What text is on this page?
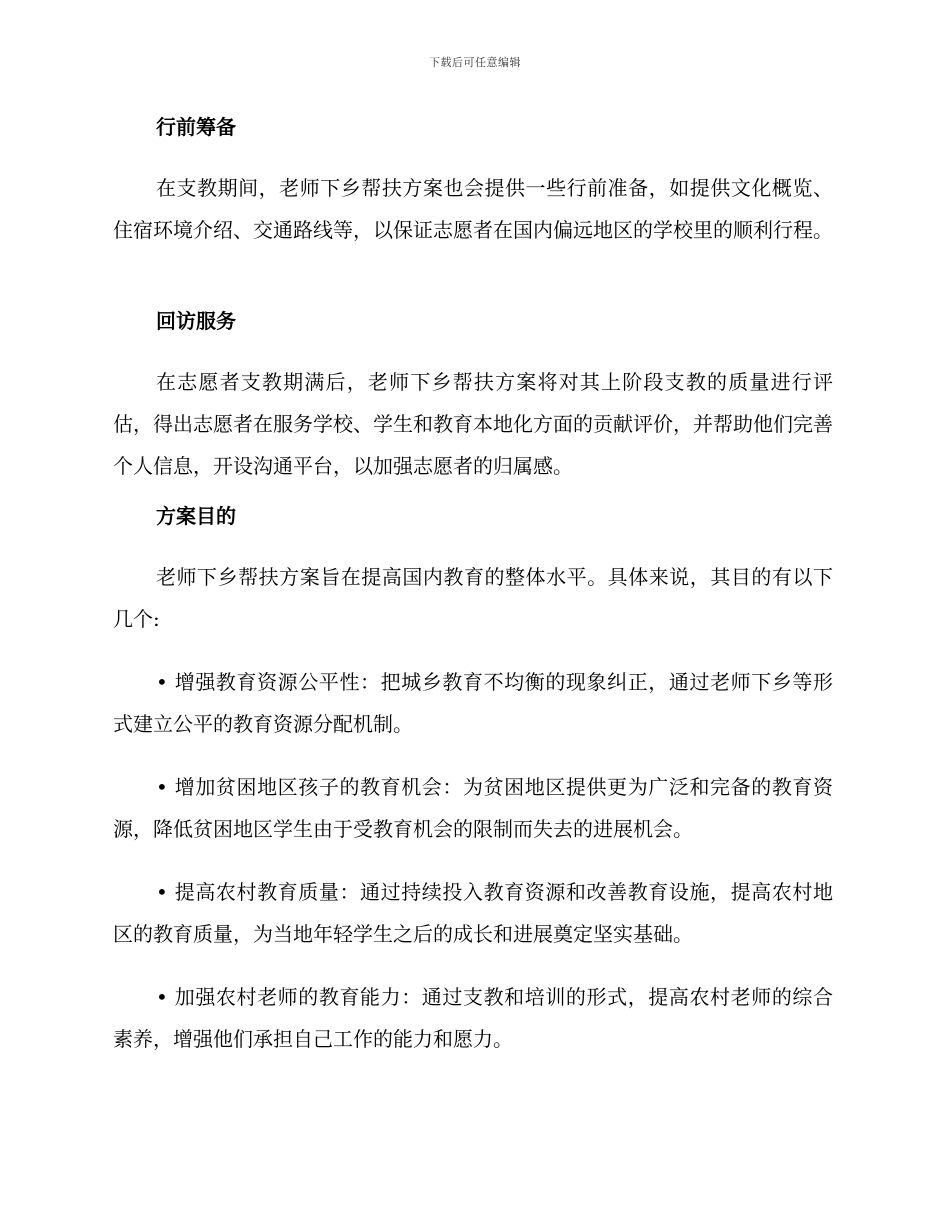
下载后可任意编辑

行前筹备

在支教期间，老师下乡帮扶方案也会提供一些行前准备，如提供文化概览、住宿环境介绍、交通路线等，以保证志愿者在国内偏远地区的学校里的顺利行程。

回访服务

在志愿者支教期满后，老师下乡帮扶方案将对其上阶段支教的质量进行评估，得出志愿者在服务学校、学生和教育本地化方面的贡献评价，并帮助他们完善个人信息，开设沟通平台，以加强志愿者的归属感。

方案目的

老师下乡帮扶方案旨在提高国内教育的整体水平。具体来说，其目的有以下几个:

• 增强教育资源公平性：把城乡教育不均衡的现象纠正，通过老师下乡等形式建立公平的教育资源分配机制。

• 增加贫困地区孩子的教育机会：为贫困地区提供更为广泛和完备的教育资源，降低贫困地区学生由于受教育机会的限制而失去的进展机会。

• 提高农村教育质量：通过持续投入教育资源和改善教育设施，提高农村地区的教育质量，为当地年轻学生之后的成长和进展奠定坚实基础。

• 加强农村老师的教育能力：通过支教和培训的形式，提高农村老师的综合素养，增强他们承担自己工作的能力和愿力。
